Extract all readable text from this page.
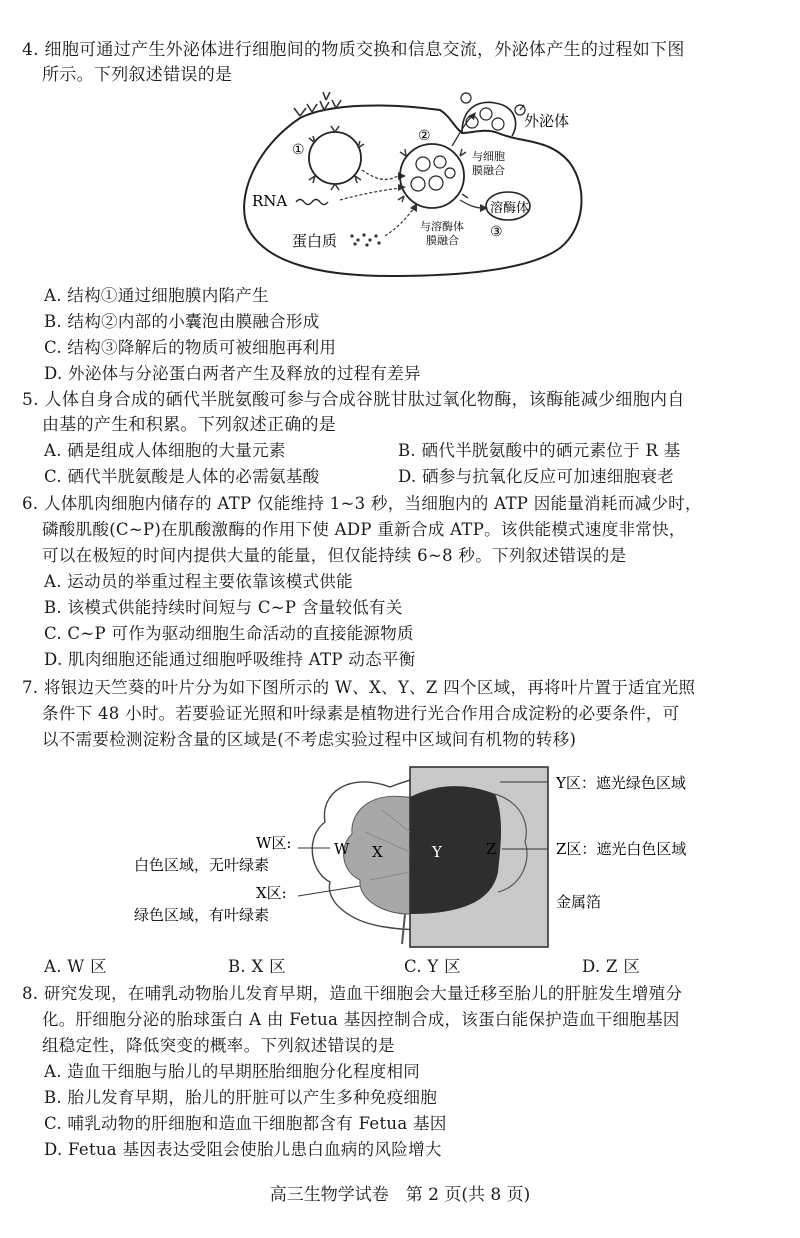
4. 细胞可通过产生外泌体进行细胞间的物质交换和信息交流，外泌体产生的过程如下图
所示。下列叙述错误的是
①
②
RNA
蛋白质
外泌体
与细胞
膜融合
溶酶体
与溶酶体
膜融合
③
A. 结构①通过细胞膜内陷产生
B. 结构②内部的小囊泡由膜融合形成
C. 结构③降解后的物质可被细胞再利用
D. 外泌体与分泌蛋白两者产生及释放的过程有差异
5. 人体自身合成的硒代半胱氨酸可参与合成谷胱甘肽过氧化物酶，该酶能减少细胞内自
由基的产生和积累。下列叙述正确的是
A. 硒是组成人体细胞的大量元素	B. 硒代半胱氨酸中的硒元素位于 R 基
C. 硒代半胱氨酸是人体的必需氨基酸	D. 硒参与抗氧化反应可加速细胞衰老
6. 人体肌肉细胞内储存的 ATP 仅能维持 1~3 秒，当细胞内的 ATP 因能量消耗而减少时，
磷酸肌酸(C~P)在肌酸激酶的作用下使 ADP 重新合成 ATP。该供能模式速度非常快，
可以在极短的时间内提供大量的能量，但仅能持续 6~8 秒。下列叙述错误的是
A. 运动员的举重过程主要依靠该模式供能
B. 该模式供能持续时间短与 C~P 含量较低有关
C. C~P 可作为驱动细胞生命活动的直接能源物质
D. 肌肉细胞还能通过细胞呼吸维持 ATP 动态平衡
7. 将银边天竺葵的叶片分为如下图所示的 W、X、Y、Z 四个区域，再将叶片置于适宜光照
条件下 48 小时。若要验证光照和叶绿素是植物进行光合作用合成淀粉的必要条件，可
以不需要检测淀粉含量的区域是(不考虑实验过程中区域间有机物的转移)
W X	Y	Z
W区:
白色区域，无叶绿素
X区:
绿色区域，有叶绿素
Y区：遮光绿色区域
Z区：遮光白色区域
金属箔
A. W 区	B. X 区	C. Y 区	D. Z 区
8. 研究发现，在哺乳动物胎儿发育早期，造血干细胞会大量迁移至胎儿的肝脏发生增殖分
化。肝细胞分泌的胎球蛋白 A 由 Fetua 基因控制合成，该蛋白能保护造血干细胞基因
组稳定性，降低突变的概率。下列叙述错误的是
A. 造血干细胞与胎儿的早期胚胎细胞分化程度相同
B. 胎儿发育早期，胎儿的肝脏可以产生多种免疫细胞
C. 哺乳动物的肝细胞和造血干细胞都含有 Fetua 基因
D. Fetua 基因表达受阻会使胎儿患白血病的风险增大
高三生物学试卷　第 2 页(共 8 页)
